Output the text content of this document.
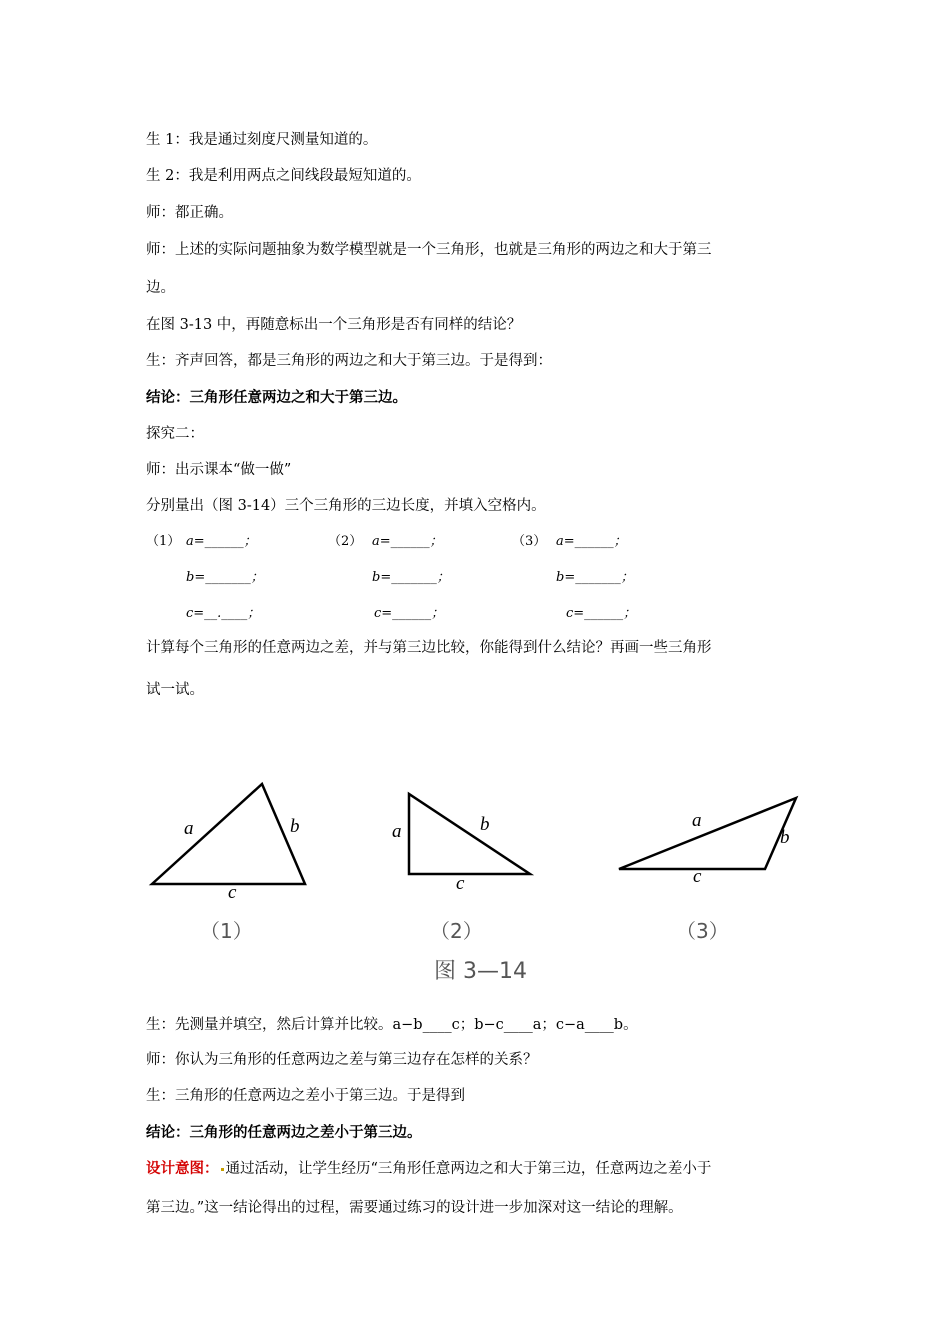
生 1：我是通过刻度尺测量知道的。
生 2：我是利用两点之间线段最短知道的。
师：都正确。
师：上述的实际问题抽象为数学模型就是一个三角形，也就是三角形的两边之和大于第三
边。
在图 3-13 中，再随意标出一个三角形是否有同样的结论？
生：齐声回答，都是三角形的两边之和大于第三边。于是得到：
结论：三角形任意两边之和大于第三边。
探究二：
师：出示课本“做一做”
分别量出（图 3-14）三个三角形的三边长度，并填入空格内。
（1） a=______；
b=_______；
c=__.____；
（2） a=______；
b=_______；
c=______；
（3） a=______；
b=_______；
c=______；
计算每个三角形的任意两边之差，并与第三边比较，你能得到什么结论？再画一些三角形
试一试。
a	b
c
（1）
a	b
c
（2）
a
b
c
（3）
图 3—14
生：先测量并填空，然后计算并比较。a−b____c；b−c____a；c−a____b。
师：你认为三角形的任意两边之差与第三边存在怎样的关系？
生：三角形的任意两边之差小于第三边。于是得到
结论：三角形的任意两边之差小于第三边。
设计意图： 通过活动，让学生经历“三角形任意两边之和大于第三边，任意两边之差小于
第三边。”这一结论得出的过程，需要通过练习的设计进一步加深对这一结论的理解。
